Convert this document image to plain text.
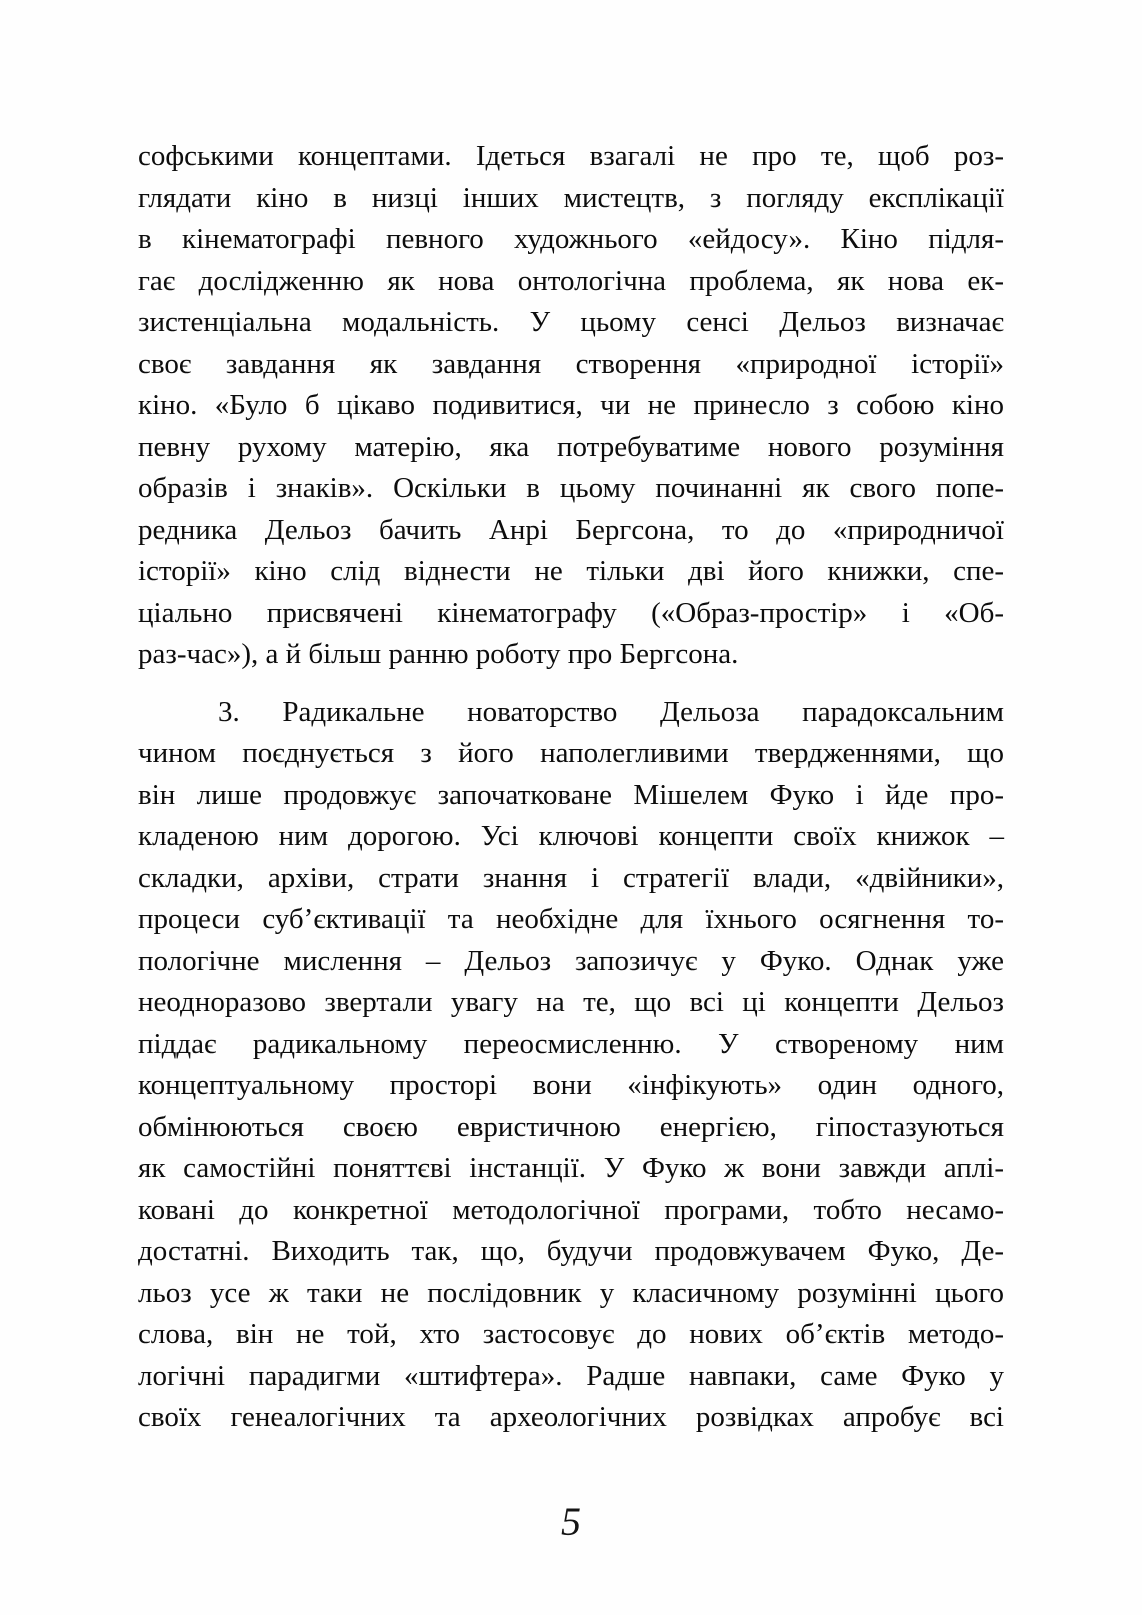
софськими концептами. Ідеться взагалі не про те, щоб роз-
глядати кіно в низці інших мистецтв, з погляду експлікації
в кінематографі певного художнього «ейдосу». Кіно підля-
гає дослідженню як нова онтологічна проблема, як нова ек-
зистенціальна модальність. У цьому сенсі Дельоз визначає
своє завдання як завдання створення «природної історії»
кіно. «Було б цікаво подивитися, чи не принесло з собою кіно
певну рухому матерію, яка потребуватиме нового розуміння
образів і знаків». Оскільки в цьому починанні як свого попе-
редника Дельоз бачить Анрі Бергсона, то до «природничої
історії» кіно слід віднести не тільки дві його книжки, спе-
ціально присвячені кінематографу («Образ-простір» і «Об-
раз-час»), а й більш ранню роботу про Бергсона.
3. Радикальне новаторство Дельоза парадоксальним
чином поєднується з його наполегливими твердженнями, що
він лише продовжує започатковане Мішелем Фуко і йде про-
кладеною ним дорогою. Усі ключові концепти своїх книжок –
складки, архіви, страти знання і стратегії влади, «двійники»,
процеси суб’єктивації та необхідне для їхнього осягнення то-
пологічне мислення – Дельоз запозичує у Фуко. Однак уже
неодноразово звертали увагу на те, що всі ці концепти Дельоз
піддає радикальному переосмисленню. У створеному ним
концептуальному просторі вони «інфікують» один одного,
обмінюються своєю евристичною енергією, гіпостазуються
як самостійні поняттєві інстанції. У Фуко ж вони завжди аплі-
ковані до конкретної методологічної програми, тобто несамо-
достатні. Виходить так, що, будучи продовжувачем Фуко, Де-
льоз усе ж таки не послідовник у класичному розумінні цього
слова, він не той, хто застосовує до нових об’єктів методо-
логічні парадигми «штифтера». Радше навпаки, саме Фуко у
своїх генеалогічних та археологічних розвідках апробує всі
5
